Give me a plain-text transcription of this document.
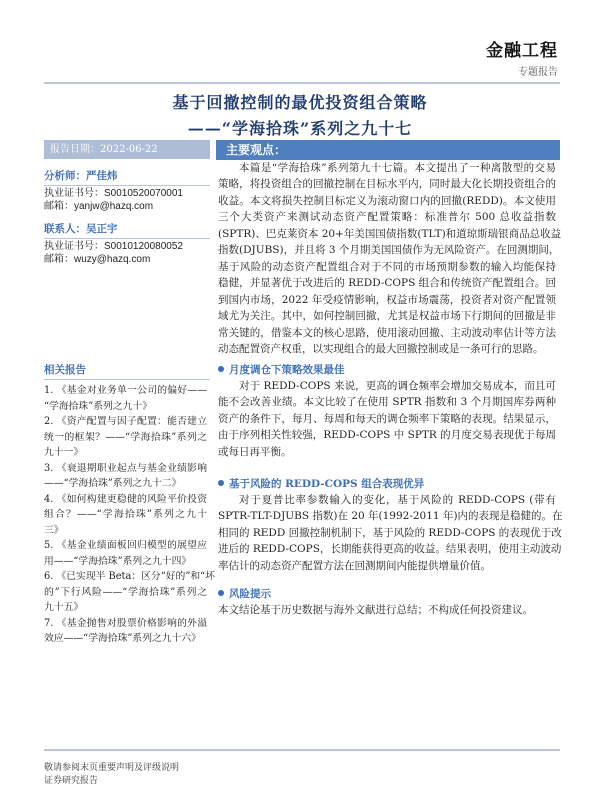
金融工程
专题报告
基于回撤控制的最优投资组合策略
——“学海拾珠”系列之九十七
报告日期：2022-06-22
分析师：严佳炜
执业证书号：S0010520070001
邮箱：yanjw@hazq.com
联系人：吴正宇
执业证书号：S0010120080052
邮箱：wuzy@hazq.com
相关报告
1. 《基金对业务单一公司的偏好——
“学海拾珠”系列之九十》
2. 《资产配置与因子配置：能否建立
统一的框架？——“学海拾珠”系列之
九十一》
3. 《衰退期职业起点与基金业绩影响
——“学海拾珠”系列之九十二》
4. 《如何构建更稳健的风险平价投资
组合？——“学海拾珠”系列之九十
三》
5. 《基金业绩面板回归模型的展望应
用——“学海拾珠”系列之九十四》
6. 《已实现半 Beta：区分“好的”和“坏
的”下行风险——“学海拾珠”系列之
九十五》
7. 《基金抛售对股票价格影响的外溢
效应——“学海拾珠”系列之九十六》
主要观点：
本篇是“学海拾珠”系列第九十七篇。本文提出了一种离散型的交易
策略，将投资组合的回撤控制在目标水平内，同时最大化长期投资组合的
收益。本文将损失控制目标定义为滚动窗口内的回撤(REDD)。本文使用
三个大类资产来测试动态资产配置策略：标准普尔 500 总收益指数
(SPTR)、巴克莱资本 20+年美国国债指数(TLT)和道琼斯瑞银商品总收益
指数(DJUBS)，并且将 3 个月期美国国债作为无风险资产。在回测期间，
基于风险的动态资产配置组合对于不同的市场预期参数的输入均能保持
稳健，并显著优于改进后的 REDD-COPS 组合和传统资产配置组合。回
到国内市场，2022 年受疫情影响，权益市场震荡，投资者对资产配置领
域尤为关注。其中，如何控制回撤，尤其是权益市场下行期间的回撤是非
常关键的，借鉴本文的核心思路，使用滚动回撤、主动波动率估计等方法
动态配置资产权重，以实现组合的最大回撤控制或是一条可行的思路。
月度调仓下策略效果最佳
对于 REDD-COPS 来说，更高的调仓频率会增加交易成本，而且可
能不会改善业绩。本文比较了在使用 SPTR 指数和 3 个月期国库券两种
资产的条件下，每月、每周和每天的调仓频率下策略的表现。结果显示，
由于序列相关性较强，REDD-COPS 中 SPTR 的月度交易表现优于每周
或每日再平衡。
基于风险的 REDD-COPS 组合表现优异
对于夏普比率参数输入的变化，基于风险的 REDD-COPS (带有
SPTR-TLT-DJUBS 指数)在 20 年(1992-2011 年)内的表现是稳健的。在
相同的 REDD 回撤控制机制下，基于风险的 REDD-COPS 的表现优于改
进后的 REDD-COPS，长期能获得更高的收益。结果表明，使用主动波动
率估计的动态资产配置方法在回测期间内能提供增量价值。
风险提示
本文结论基于历史数据与海外文献进行总结；不构成任何投资建议。
敬请参阅末页重要声明及评级说明
证券研究报告
